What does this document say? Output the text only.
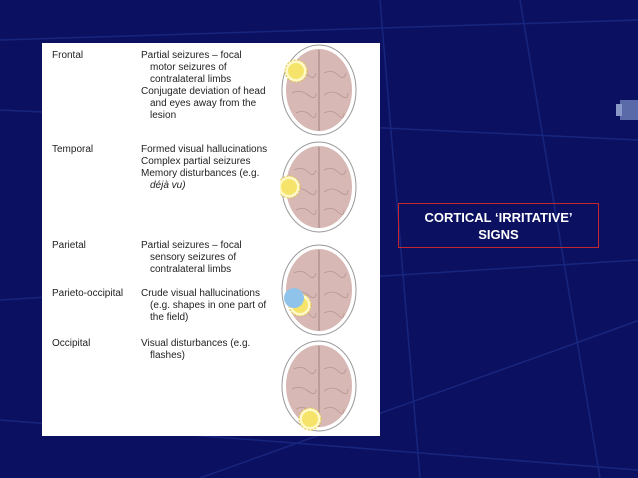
Frontal	Partial seizures – focal
motor seizures of
contralateral limbs
Conjugate deviation of head
and eyes away from the
lesion
Temporal	Formed visual hallucinations
Complex partial seizures
Memory disturbances (e.g.
déjà vu)
Parietal	Partial seizures – focal
sensory seizures of
contralateral limbs
Parieto-occipital Crude visual hallucinations
(e.g. shapes in one part of
the field)
Occipital	Visual disturbances (e.g.
flashes)
CORTICAL ‘IRRITATIVE’
SIGNS
